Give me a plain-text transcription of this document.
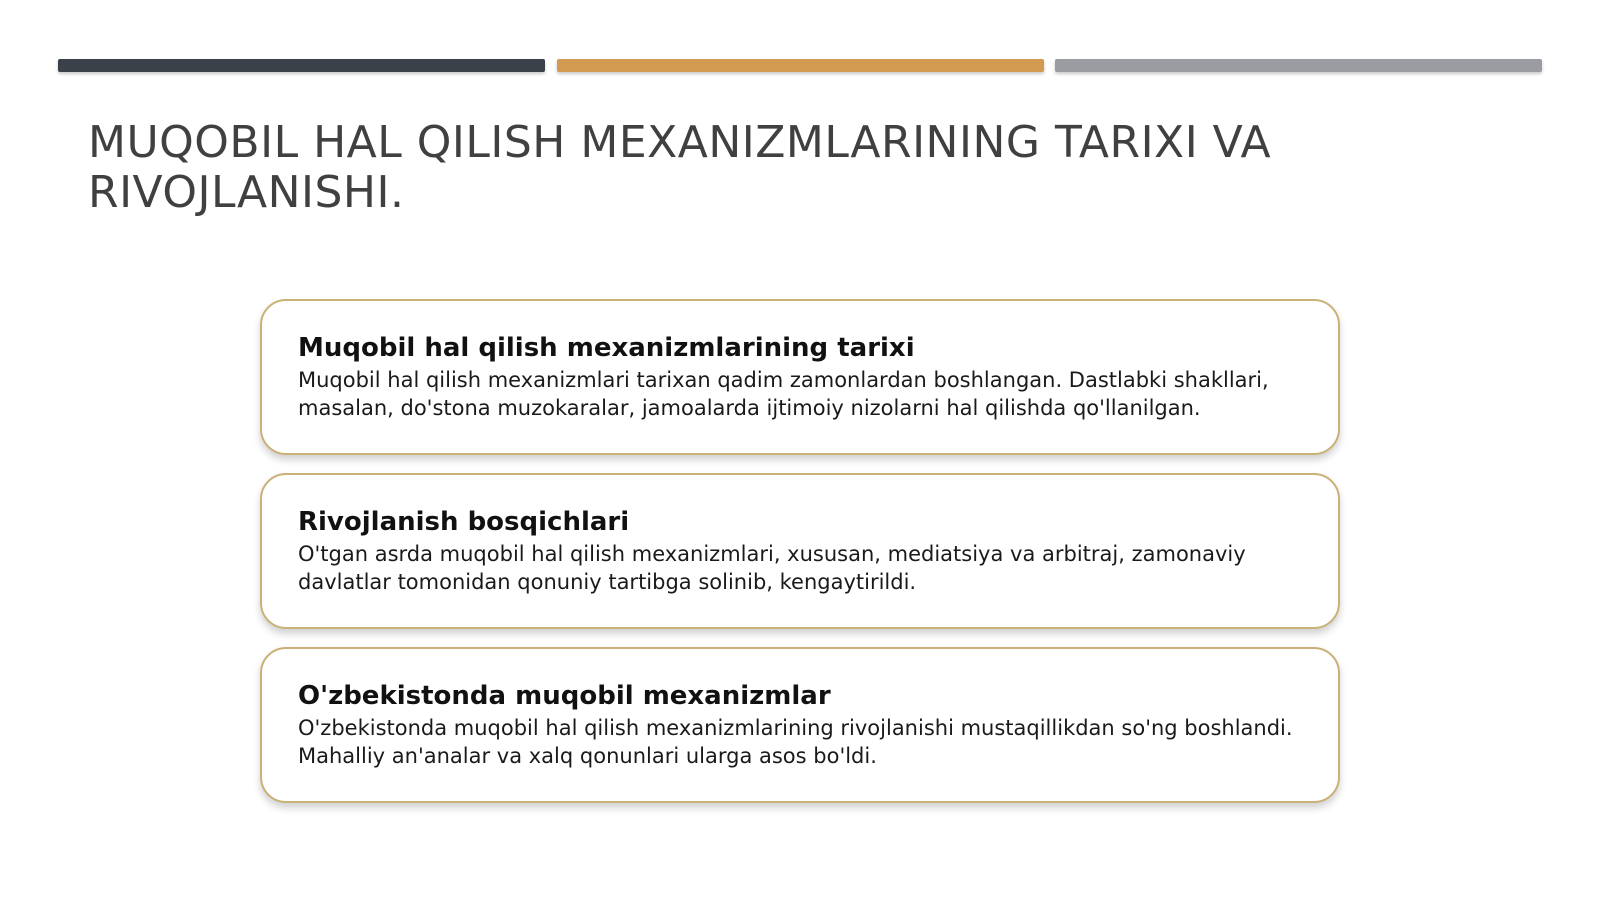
MUQOBIL HAL QILISH MEXANIZMLARINING TARIXI VA RIVOJLANISHI.
Muqobil hal qilish mexanizmlarining tarixi
Muqobil hal qilish mexanizmlari tarixan qadim zamonlardan boshlangan. Dastlabki shakllari, masalan, do'stona muzokaralar, jamoalarda ijtimoiy nizolarni hal qilishda qo'llanilgan.
Rivojlanish bosqichlari
O'tgan asrda muqobil hal qilish mexanizmlari, xususan, mediatsiya va arbitraj, zamonaviy davlatlar tomonidan qonuniy tartibga solinib, kengaytirildi.
O'zbekistonda muqobil mexanizmlar
O'zbekistonda muqobil hal qilish mexanizmlarining rivojlanishi mustaqillikdan so'ng boshlandi. Mahalliy an'analar va xalq qonunlari ularga asos bo'ldi.
